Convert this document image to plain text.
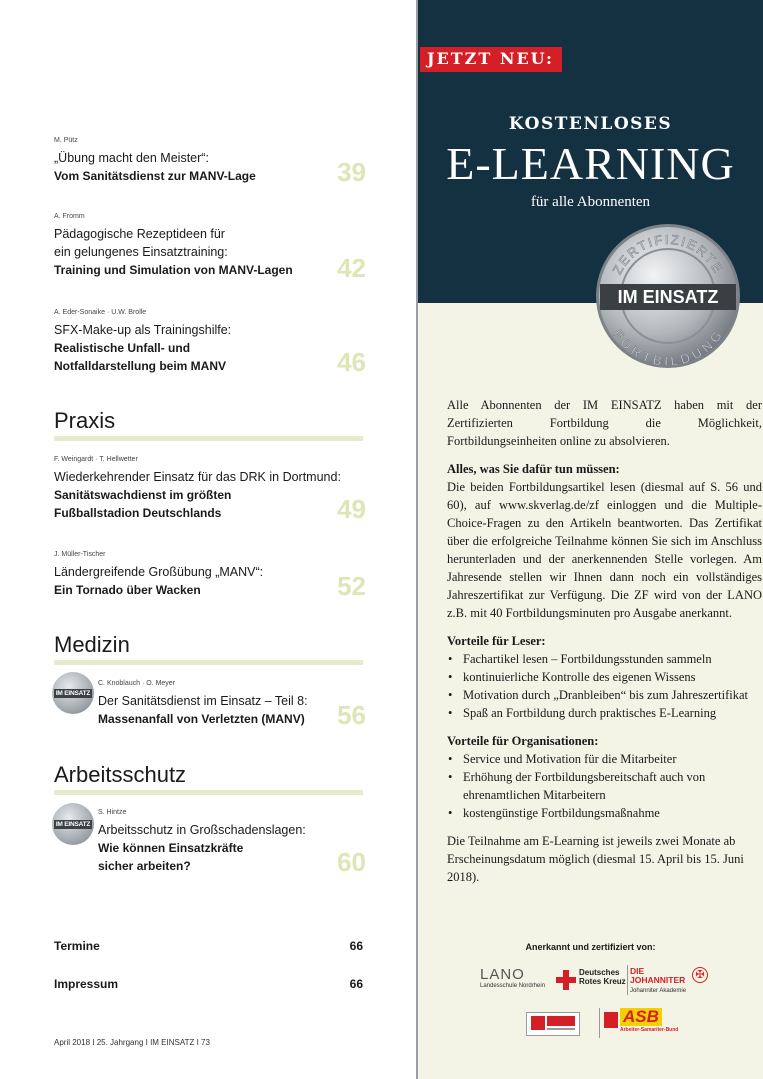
M. Pütz
„Übung macht den Meister“:
Vom Sanitätsdienst zur MANV-Lage	39
A. Fromm
Pädagogische Rezeptideen für
ein gelungenes Einsatztraining:
Training und Simulation von MANV-Lagen	42
A. Eder-Sonaike · U.W. Brolle
SFX-Make-up als Trainingshilfe:
Realistische Unfall- und
Notfalldarstellung beim MANV	46
Praxis
F. Weingardt · T. Hellwetter
Wiederkehrender Einsatz für das DRK in Dortmund:
Sanitätswachdienst im größten
Fußballstadion Deutschlands	49
J. Müller-Tischer
Ländergreifende Großübung „MANV“:
Ein Tornado über Wacken	52
Medizin
IM EINSATZ
C. Knoblauch · O. Meyer
Der Sanitätsdienst im Einsatz – Teil 8:
Massenanfall von Verletzten (MANV)	56
Arbeitsschutz
IM EINSATZ
S. Hintze
Arbeitsschutz in Großschadenslagen:
Wie können Einsatzkräfte
sicher arbeiten?	60
Termine	66
Impressum	66
April 2018 I 25. Jahrgang I IM EINSATZ I 73
JETZT NEU:
KOSTENLOSES
E-LEARNING
für alle Abonnenten
ZERTIFIZIERTE
FORTBILDUNG
IM EINSATZ

Alle Abonnenten der IM EINSATZ haben mit der Zertifizierten Fortbildung die Möglichkeit, Fortbildungseinheiten online zu absolvieren.

Alles, was Sie dafür tun müssen:

Die beiden Fortbildungsartikel lesen (diesmal auf S. 56 und 60), auf www.skverlag.de/zf einloggen und die Multiple-Choice-Fragen zu den Artikeln beantworten. Das Zertifikat über die erfolgreiche Teilnahme können Sie sich im Anschluss herunterladen und der anerkennenden Stelle vorlegen. Am Jahresende stellen wir Ihnen dann noch ein vollständiges Jahreszertifikat zur Verfügung. Die ZF wird von der LANO z.B. mit 40 Fortbildungsminuten pro Ausgabe anerkannt.

Vorteile für Leser:
• Fachartikel lesen – Fortbildungsstunden sammeln
• kontinuierliche Kontrolle des eigenen Wissens
• Motivation durch „Dranbleiben“ bis zum Jahreszertifikat
• Spaß an Fortbildung durch praktisches E-Learning
Vorteile für Organisationen:
• Service und Motivation für die Mitarbeiter
• Erhöhung der Fortbildungsbereitschaft auch von ehrenamtlichen Mitarbeitern
• kostengünstige Fortbildungsmaßnahme

Die Teilnahme am E-Learning ist jeweils zwei Monate ab Erscheinungsdatum möglich (diesmal 15. April bis 15. Juni 2018).

Anerkannt und zertifiziert von:
LANO
Landesschule Nordrhein
Deutsches Rotes Kreuz
DIE JOHANNITER
Johanniter Akademie
✠
ASB
Arbeiter-Samariter-Bund
